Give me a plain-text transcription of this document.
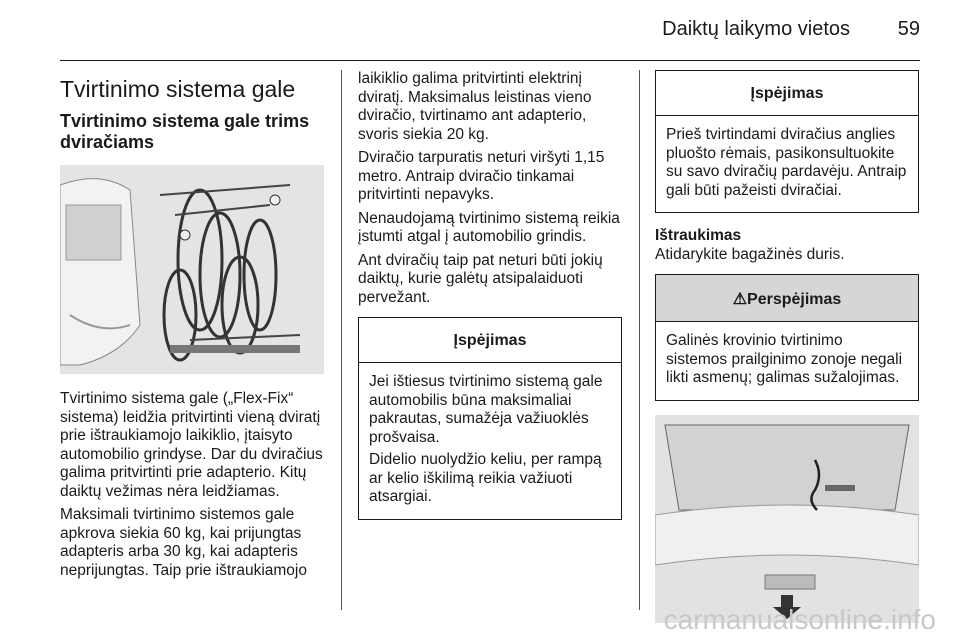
Daiktų laikymo vietos 59
Tvirtinimo sistema gale
Tvirtinimo sistema gale trims dviračiams

Tvirtinimo sistema gale („Flex-Fix“ sistema) leidžia pritvirtinti vieną dviratį prie ištraukiamojo laikiklio, įtaisyto automobilio grindyse. Dar du dviračius galima pritvirtinti prie adapterio. Kitų daiktų vežimas nėra leidžiamas.

Maksimali tvirtinimo sistemos gale apkrova siekia 60 kg, kai prijungtas adapteris arba 30 kg, kai adapteris neprijungtas. Taip prie ištraukiamojo

laikiklio galima pritvirtinti elektrinį dviratį. Maksimalus leistinas vieno dviračio, tvirtinamo ant adapterio, svoris siekia 20 kg.

Dviračio tarpuratis neturi viršyti 1,15 metro. Antraip dviračio tinkamai pritvirtinti nepavyks.

Nenaudojamą tvirtinimo sistemą reikia įstumti atgal į automobilio grindis.

Ant dviračių taip pat neturi būti jokių daiktų, kurie galėtų atsipalaiduoti pervežant.

Įspėjimas

Jei ištiesus tvirtinimo sistemą gale automobilis būna maksimaliai pakrautas, sumažėja važiuoklės prošvaisa.

Didelio nuolydžio keliu, per rampą ar kelio iškilimą reikia važiuoti atsargiai.

Įspėjimas

Prieš tvirtindami dviračius anglies pluošto rėmais, pasikonsultuokite su savo dviračių pardavėju. Antraip gali būti pažeisti dviračiai.

Ištraukimas

Atidarykite bagažinės duris.

⚠Perspėjimas

Galinės krovinio tvirtinimo sistemos prailginimo zonoje negali likti asmenų; galimas sužalojimas.

carmanualsonline.info
